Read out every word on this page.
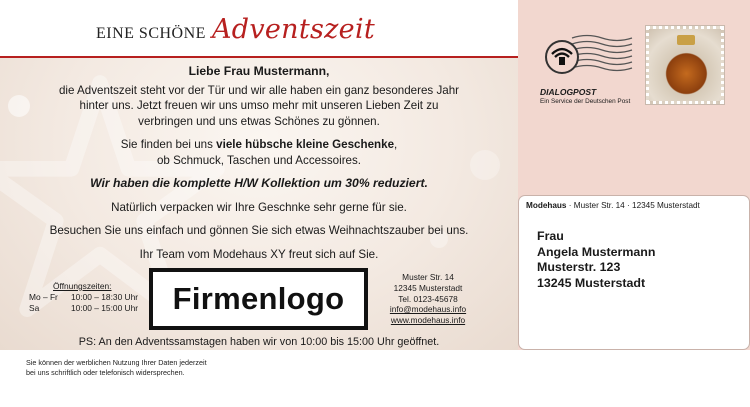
EINE SCHÖNE Adventszeit
Liebe Frau Mustermann,

die Adventszeit steht vor der Tür und wir alle haben ein ganz besonderes Jahr
hinter uns. Jetzt freuen wir uns umso mehr mit unseren Lieben Zeit zu
verbringen und uns etwas Schönes zu gönnen.

Sie finden bei uns viele hübsche kleine Geschenke,
ob Schmuck, Taschen und Accessoires.

Wir haben die komplette H/W Kollektion um 30% reduziert.

Natürlich verpacken wir Ihre Geschnke sehr gerne für sie.

Besuchen Sie uns einfach und gönnen Sie sich etwas Weihnachtszauber bei uns.

Ihr Team vom Modehaus XY freut sich auf Sie.

Öffnungszeiten:
Mo – Fr	10:00 – 18:30 Uhr
Sa	10:00 – 15:00 Uhr	Firmenlogo
Muster Str. 14
12345 Musterstadt
Tel. 0123-45678
info@modehaus.info
www.modehaus.info
PS: An den Adventssamstagen haben wir von 10:00 bis 15:00 Uhr geöffnet.
DIALOGPOST
Ein Service der Deutschen Post
Modehaus · Muster Str. 14 · 12345 Musterstadt
Frau
Angela Mustermann
Musterstr. 123
13245 Musterstadt
Sie können der werblichen Nutzung Ihrer Daten jederzeit
bei uns schriftlich oder telefonisch widersprechen.
